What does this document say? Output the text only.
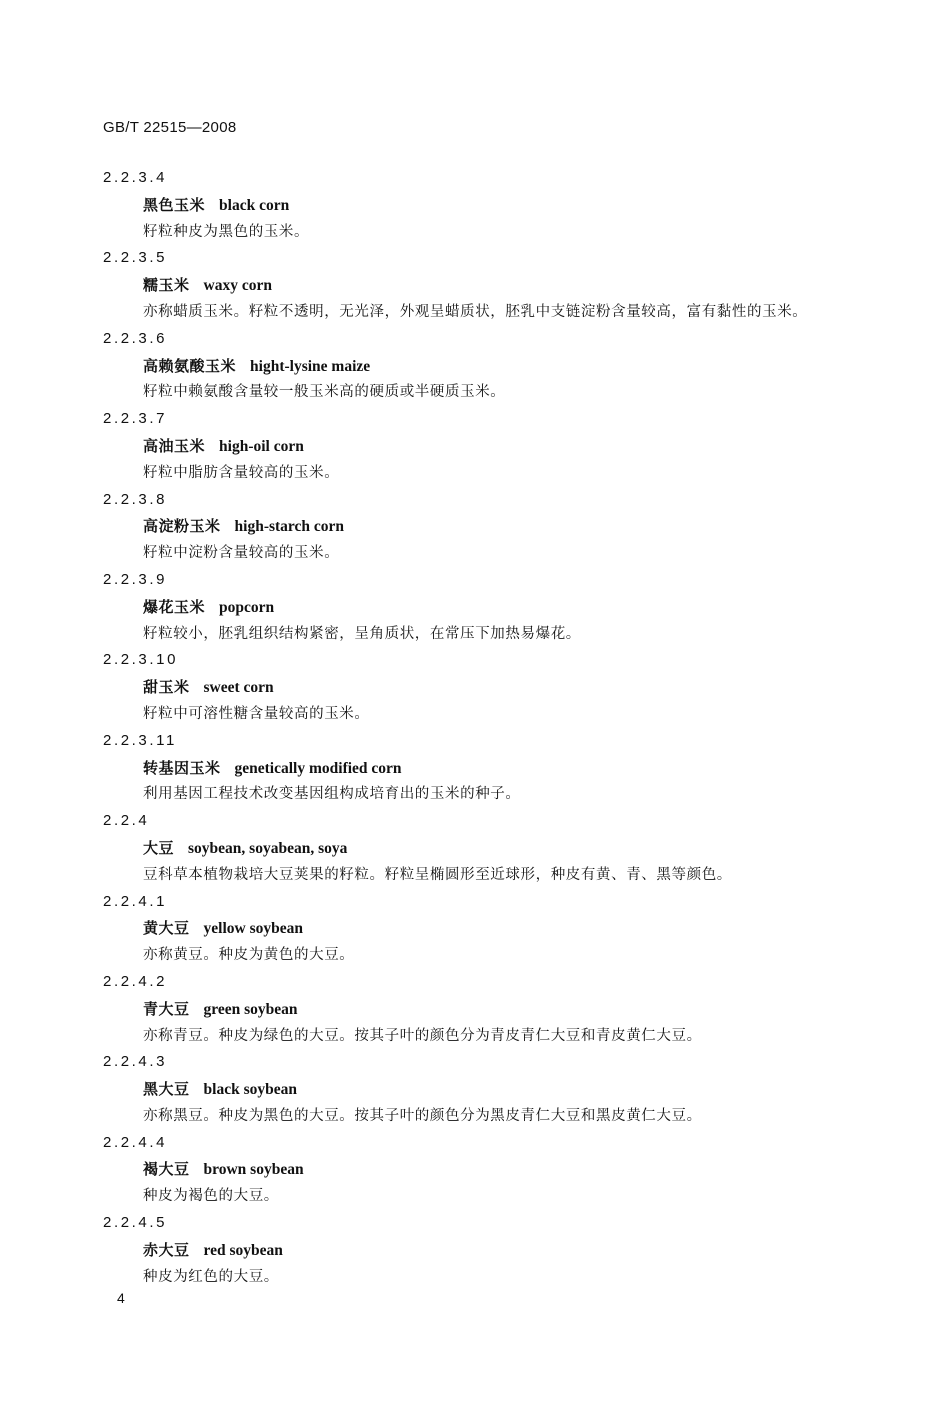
GB/T 22515—2008
2.2.3.4
黑色玉米 black corn
籽粒种皮为黑色的玉米。
2.2.3.5
糯玉米 waxy corn
亦称蜡质玉米。籽粒不透明，无光泽，外观呈蜡质状，胚乳中支链淀粉含量较高，富有黏性的玉米。
2.2.3.6
高赖氨酸玉米 hight-lysine maize
籽粒中赖氨酸含量较一般玉米高的硬质或半硬质玉米。
2.2.3.7
高油玉米 high-oil corn
籽粒中脂肪含量较高的玉米。
2.2.3.8
高淀粉玉米 high-starch corn
籽粒中淀粉含量较高的玉米。
2.2.3.9
爆花玉米 popcorn
籽粒较小，胚乳组织结构紧密，呈角质状，在常压下加热易爆花。
2.2.3.10
甜玉米 sweet corn
籽粒中可溶性糖含量较高的玉米。
2.2.3.11
转基因玉米 genetically modified corn
利用基因工程技术改变基因组构成培育出的玉米的种子。
2.2.4
大豆 soybean, soyabean, soya
豆科草本植物栽培大豆荚果的籽粒。籽粒呈椭圆形至近球形，种皮有黄、青、黑等颜色。
2.2.4.1
黄大豆 yellow soybean
亦称黄豆。种皮为黄色的大豆。
2.2.4.2
青大豆 green soybean
亦称青豆。种皮为绿色的大豆。按其子叶的颜色分为青皮青仁大豆和青皮黄仁大豆。
2.2.4.3
黑大豆 black soybean
亦称黑豆。种皮为黑色的大豆。按其子叶的颜色分为黑皮青仁大豆和黑皮黄仁大豆。
2.2.4.4
褐大豆 brown soybean
种皮为褐色的大豆。
2.2.4.5
赤大豆 red soybean
种皮为红色的大豆。
4
